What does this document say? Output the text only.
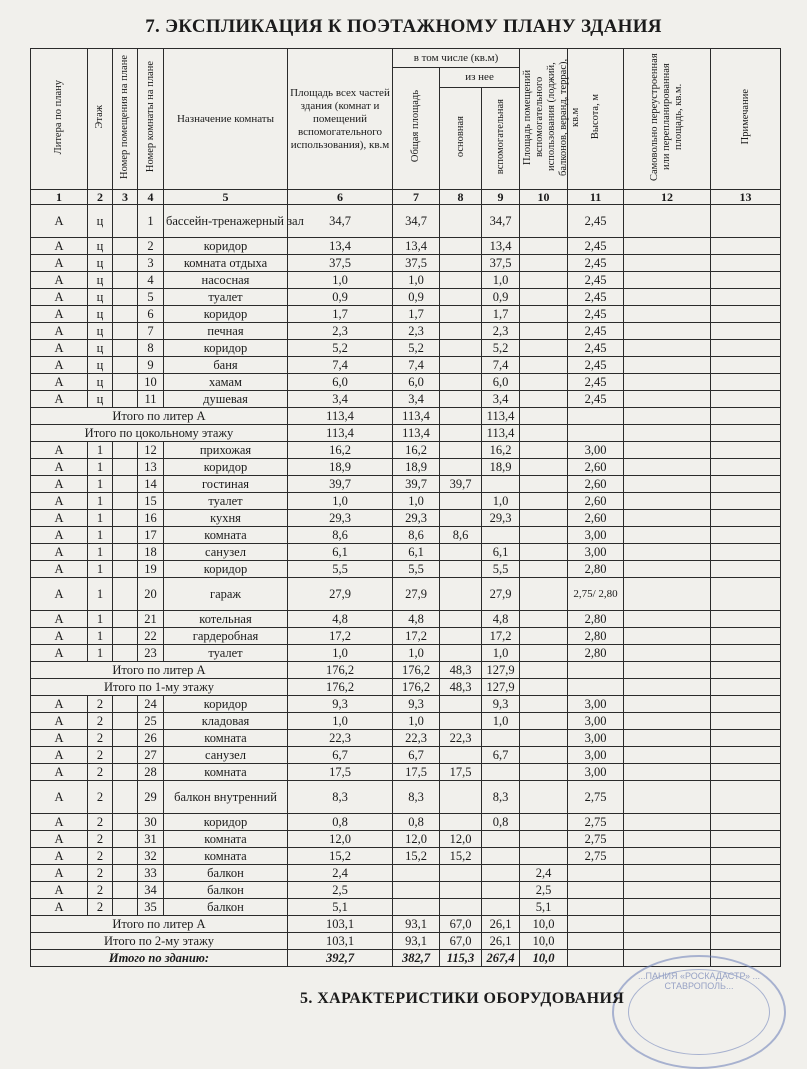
7. ЭКСПЛИКАЦИЯ К ПОЭТАЖНОМУ ПЛАНУ ЗДАНИЯ
Литера по плану	Этаж	Номер помещения на плане	Номер комнаты на плане	Назначение комнаты	Площадь всех частей здания (комнат и помещений вспомогательного использования), кв.м	в том числе (кв.м)			Площадь помещений вспомогательного использования (лоджий, балконов, веранд, террас), кв.м	Высота, м	Самовольно переустроенная или перепланированная площадь, кв.м.	Примечание
						Общая площадь	из нее					
							основная	вспомогательная				
1	2	3	4	5	6	7	8	9	10	11	12	13
А	ц		1	бассейн-тренажерный зал	34,7	34,7		34,7		2,45		
А	ц		2	коридор	13,4	13,4		13,4		2,45		
А	ц		3	комната отдыха	37,5	37,5		37,5		2,45		
А	ц		4	насосная	1,0	1,0		1,0		2,45		
А	ц		5	туалет	0,9	0,9		0,9		2,45		
А	ц		6	коридор	1,7	1,7		1,7		2,45		
А	ц		7	печная	2,3	2,3		2,3		2,45		
А	ц		8	коридор	5,2	5,2		5,2		2,45		
А	ц		9	баня	7,4	7,4		7,4		2,45		
А	ц		10	хамам	6,0	6,0		6,0		2,45		
А	ц		11	душевая	3,4	3,4		3,4		2,45		
Итого по литер А					113,4	113,4		113,4				
Итого по цокольному этажу					113,4	113,4		113,4				
А	1		12	прихожая	16,2	16,2		16,2		3,00		
А	1		13	коридор	18,9	18,9		18,9		2,60		
А	1		14	гостиная	39,7	39,7	39,7			2,60		
А	1		15	туалет	1,0	1,0		1,0		2,60		
А	1		16	кухня	29,3	29,3		29,3		2,60		
А	1		17	комната	8,6	8,6	8,6			3,00		
А	1		18	санузел	6,1	6,1		6,1		3,00		
А	1		19	коридор	5,5	5,5		5,5		2,80		
А	1		20	гараж	27,9	27,9		27,9		2,75/ 2,80		
А	1		21	котельная	4,8	4,8		4,8		2,80		
А	1		22	гардеробная	17,2	17,2		17,2		2,80		
А	1		23	туалет	1,0	1,0		1,0		2,80		
Итого по литер А					176,2	176,2	48,3	127,9				
Итого по 1-му этажу					176,2	176,2	48,3	127,9				
А	2		24	коридор	9,3	9,3		9,3		3,00		
А	2		25	кладовая	1,0	1,0		1,0		3,00		
А	2		26	комната	22,3	22,3	22,3			3,00		
А	2		27	санузел	6,7	6,7		6,7		3,00		
А	2		28	комната	17,5	17,5	17,5			3,00		
А	2		29	балкон внутренний	8,3	8,3		8,3		2,75		
А	2		30	коридор	0,8	0,8		0,8		2,75		
А	2		31	комната	12,0	12,0	12,0			2,75		
А	2		32	комната	15,2	15,2	15,2			2,75		
А	2		33	балкон	2,4				2,4			
А	2		34	балкон	2,5				2,5			
А	2		35	балкон	5,1				5,1			
Итого по литер А					103,1	93,1	67,0	26,1	10,0			
Итого по 2-му этажу					103,1	93,1	67,0	26,1	10,0			
Итого по зданию:					392,7	382,7	115,3	267,4	10,0			
...ПАНИЯ «РОСКАДАСТР» ... СТАВРОПОЛЬ...
5. ХАРАКТЕРИСТИКИ ОБОРУДОВАНИЯ
